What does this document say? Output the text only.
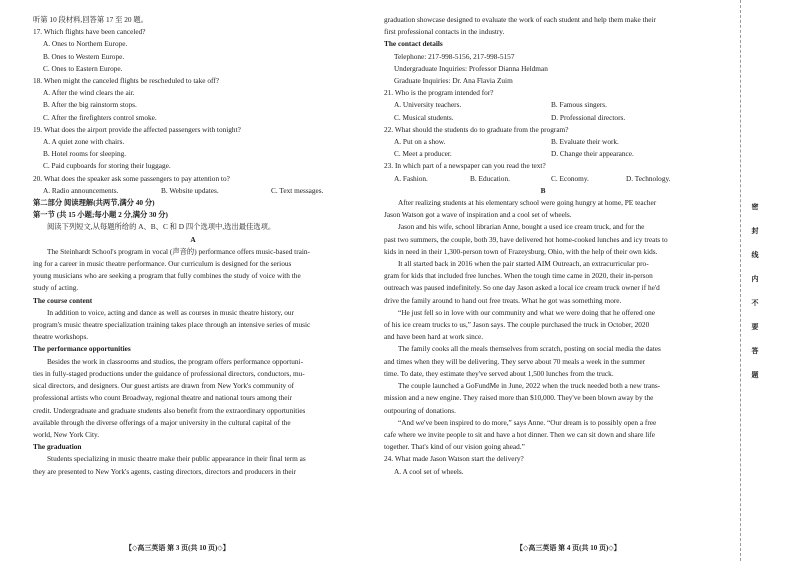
听第 10 段材料,回答第 17 至 20 题。
17. Which flights have been canceled?
A. Ones to Northern Europe.
B. Ones to Western Europe.
C. Ones to Eastern Europe.
18. When might the canceled flights be rescheduled to take off?
A. After the wind clears the air.
B. After the big rainstorm stops.
C. After the firefighters control smoke.
19. What does the airport provide the affected passengers with tonight?
A. A quiet zone with chairs.
B. Hotel rooms for sleeping.
C. Paid cupboards for storing their luggage.
20. What does the speaker ask some passengers to pay attention to?
A. Radio announcements.	B. Website updates.	C. Text messages.
第二部分 阅读理解(共两节,满分 40 分)
第一节 (共 15 小题;每小题 2 分,满分 30 分)
阅读下列短文,从每题所给的 A、B、C 和 D 四个选项中,选出最佳选项。
A
The Steinhardt School's program in vocal (声音的) performance offers music-based train-
ing for a career in music theatre performance. Our curriculum is designed for the serious
young musicians who are seeking a program that fully combines the study of voice with the
study of acting.
The course content
In addition to voice, acting and dance as well as courses in music theatre history, our
program's music theatre specialization training takes place through an intensive series of music
theatre workshops.
The performance opportunities
Besides the work in classrooms and studios, the program offers performance opportuni-
ties in fully-staged productions under the guidance of professional directors, conductors, mu-
sical directors, and designers. Our guest artists are drawn from New York's community of
professional artists who count Broadway, regional theatre and national tours among their
credit. Undergraduate and graduate students also benefit from the extraordinary opportunities
available through the diverse offerings of a major university in the cultural capital of the
world, New York City.
The graduation
Students specializing in music theatre make their public appearance in their final term as
they are presented to New York's agents, casting directors, directors and producers in their
graduation showcase designed to evaluate the work of each student and help them make their
first professional contacts in the industry.
The contact details
Telephone: 217-998-5156, 217-998-5157
Undergraduate Inquiries: Professor Dianna Heldman
Graduate Inquiries: Dr. Ana Flavia Zuim
21. Who is the program intended for?
A. University teachers.	B. Famous singers.
C. Musical students.	D. Professional directors.
22. What should the students do to graduate from the program?
A. Put on a show.	B. Evaluate their work.
C. Meet a producer.	D. Change their appearance.
23. In which part of a newspaper can you read the text?
A. Fashion.	B. Education.	C. Economy.	D. Technology.
B
After realizing students at his elementary school were going hungry at home, PE teacher
Jason Watson got a wave of inspiration and a cool set of wheels.
Jason and his wife, school librarian Anne, bought a used ice cream truck, and for the
past two summers, the couple, both 39, have delivered hot home-cooked lunches and icy treats to
kids in need in their 1,300-person town of Frazeysburg, Ohio, with the help of their own kids.
It all started back in 2016 when the pair started AIM Outreach, an extracurricular pro-
gram for kids that included free lunches. When the tough time came in 2020, their in-person
outreach was paused indefinitely. So one day Jason asked a local ice cream truck owner if he'd
drive the family around to hand out free treats. What he got was something more.
“He just fell so in love with our community and what we were doing that he offered one
of his ice cream trucks to us,” Jason says. The couple purchased the truck in October, 2020
and have been hard at work since.
The family cooks all the meals themselves from scratch, posting on social media the dates
and times when they will be delivering. They serve about 70 meals a week in the summer
time. To date, they estimate they've served about 1,500 lunches from the truck.
The couple launched a GoFundMe in June, 2022 when the truck needed both a new trans-
mission and a new engine. They raised more than $10,000. They've been blown away by the
outpouring of donations.
“And we've been inspired to do more,” says Anne. “Our dream is to possibly open a free
cafe where we invite people to sit and have a hot dinner. Then we can sit down and share life
together. That's kind of our vision going ahead.”
24. What made Jason Watson start the delivery?
A. A cool set of wheels.
【◇高三英语 第 3 页(共 10 页)◇】	【◇高三英语 第 4 页(共 10 页)◇】
密
封
线
内
不
要
答
题
